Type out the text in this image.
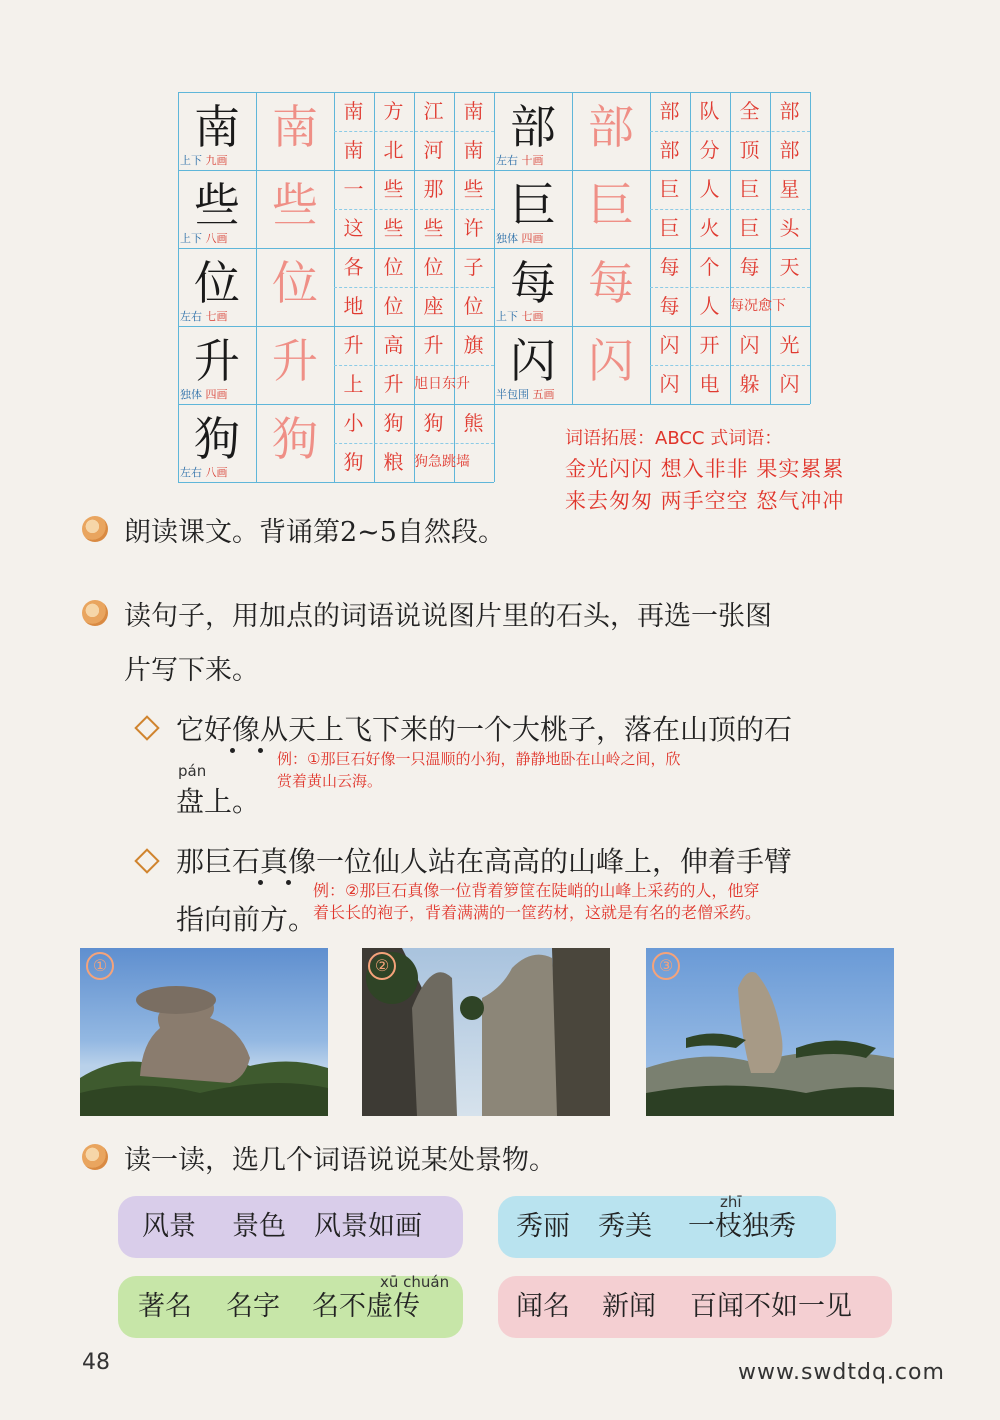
南 南
上下 九画
南	方	江	南
南	北	河	南
些 些
上下 八画
一	些	那	些
这	些	些	许
位 位
左右 七画
各	位	位	子
地	位	座	位
升 升
独体 四画
升	高	升	旗
上	升 旭日东升
狗 狗
左右 八画
小	狗	狗	熊
狗	粮 狗急跳墙
部 部
左右 十画
部	队	全	部
部	分	顶	部
巨 巨
独体 四画
巨	人	巨	星
巨	火	巨	头
每 每
上下 七画
每	个	每	天
每	人 每况愈下
闪 闪
半包围 五画
闪	开	闪	光
闪	电	躲	闪
词语拓展：ABCC 式词语：
金光闪闪 想入非非 果实累累
来去匆匆 两手空空 怒气冲冲
朗读课文。背诵第2~5自然段。
读句子，用加点的词语说说图片里的石头，再选一张图
片写下来。
它好像从天上飞下来的一个大桃子，落在山顶的石
例：①那巨石好像一只温顺的小狗，静静地卧在山岭之间，欣
赏着黄山云海。
pán
盘上。
那巨石真像一位仙人站在高高的山峰上，伸着手臂
例：②那巨石真像一位背着箩筐在陡峭的山峰上采药的人，他穿
着长长的袍子，背着满满的一筐药材，这就是有名的老僧采药。
指向前方。
①	②	③
读一读，选几个词语说说某处景物。
风景 景色 风景如画	秀丽 秀美 一枝独秀
zhī
著名 名字 名不虚传
xū chuán
闻名 新闻 百闻不如一见
48	www.swdtdq.com
